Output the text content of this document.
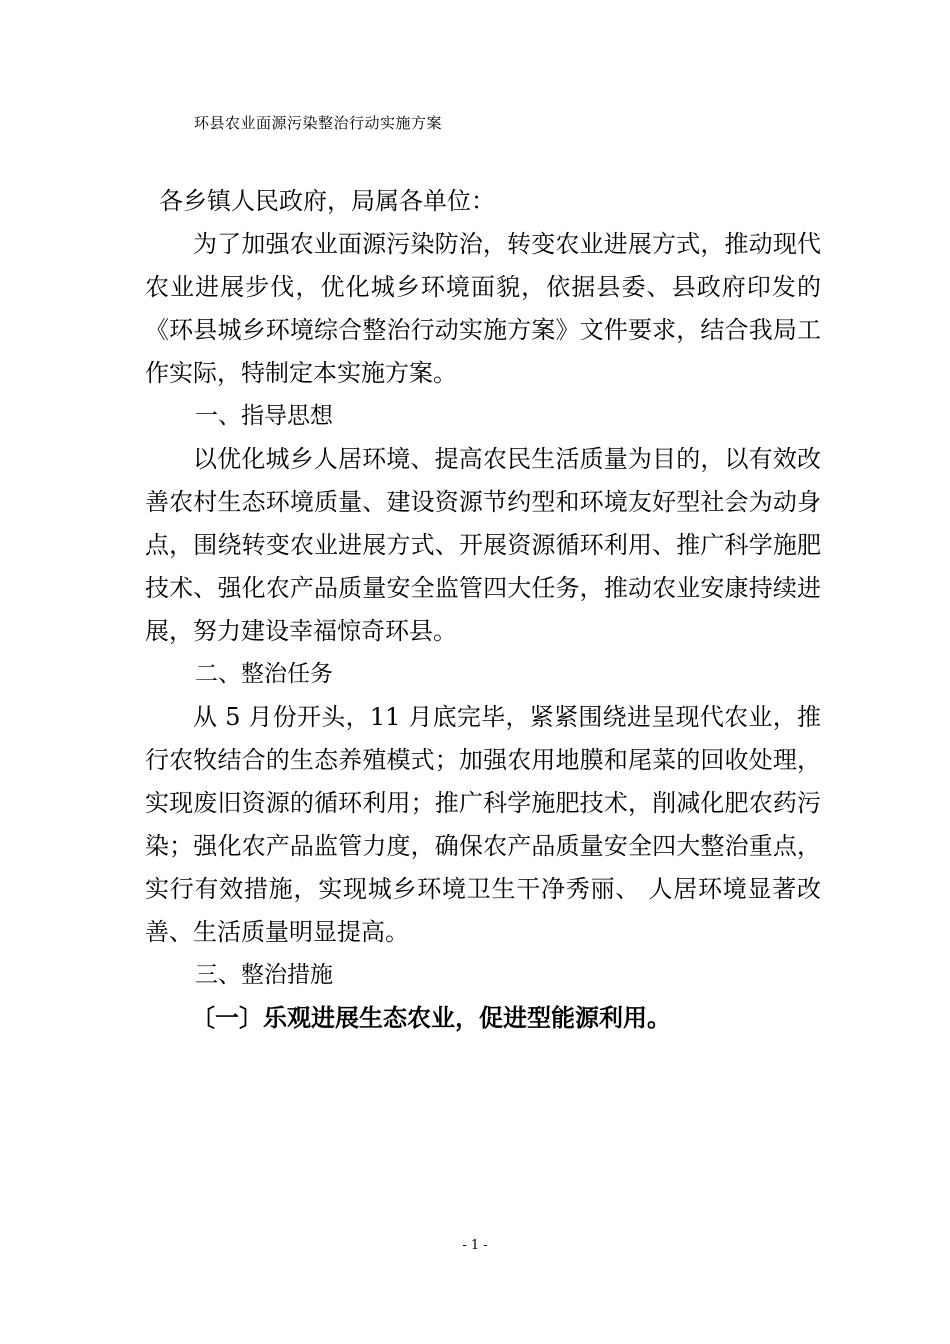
环县农业面源污染整治行动实施方案

各乡镇人民政府，局属各单位：

为了加强农业面源污染防治，转变农业进展方式，推动现代农业进展步伐，优化城乡环境面貌，依据县委、县政府印发的《环县城乡环境综合整治行动实施方案》文件要求，结合我局工作实际，特制定本实施方案。

一、指导思想

以优化城乡人居环境、提高农民生活质量为目的，以有效改善农村生态环境质量、建设资源节约型和环境友好型社会为动身点，围绕转变农业进展方式、开展资源循环利用、推广科学施肥技术、强化农产品质量安全监管四大任务，推动农业安康持续进展，努力建设幸福惊奇环县。

二、整治任务

从 5 月份开头，11 月底完毕，紧紧围绕进呈现代农业，推行农牧结合的生态养殖模式；加强农用地膜和尾菜的回收处理，实现废旧资源的循环利用；推广科学施肥技术，削减化肥农药污染；强化农产品监管力度，确保农产品质量安全四大整治重点，实行有效措施，实现城乡环境卫生干净秀丽、 人居环境显著改善、生活质量明显提高。

三、整治措施

〔一〕乐观进展生态农业，促进型能源利用。

- 1 -
